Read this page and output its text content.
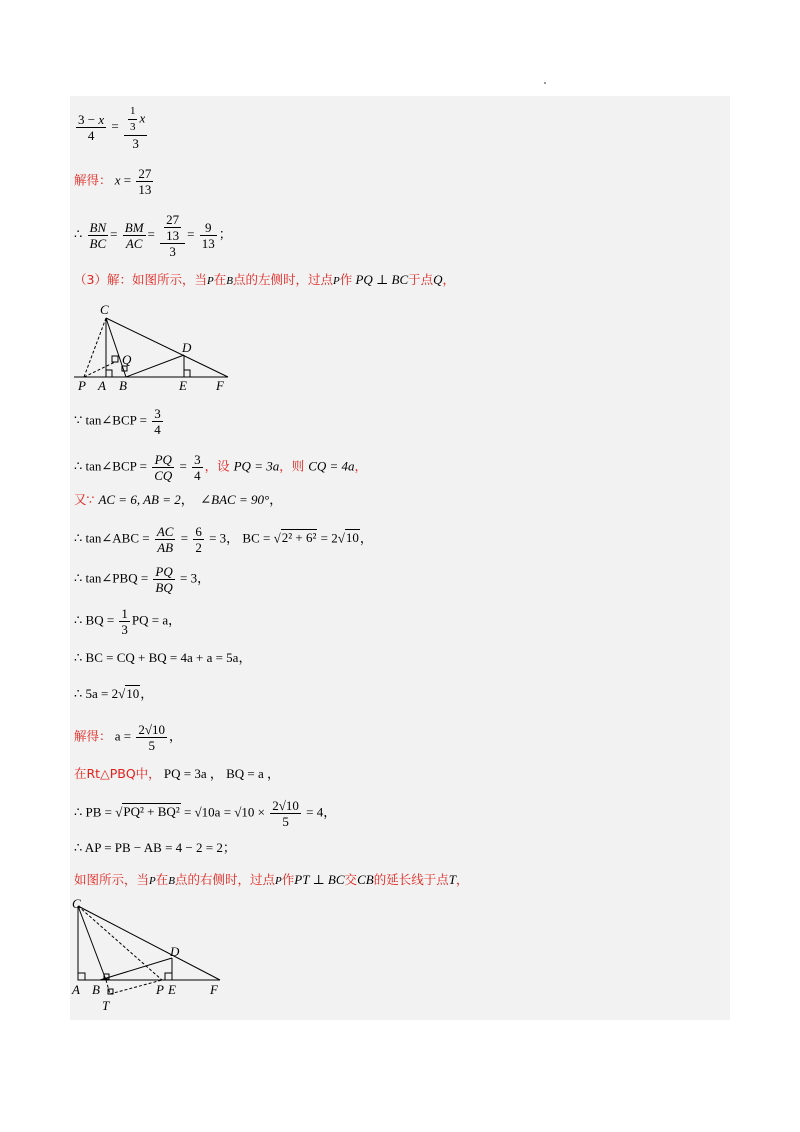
$\frac{3 - x}{4} = \frac{\frac{1}{3} x}{3}$
解得： $x = \frac{27}{13}$
∴ $\frac{BN}{BC} = \frac{BM}{AC} = \frac{\frac{27}{13}}{3} = \frac{9}{13}$ ；
（3）解：如图所示，当P在B点的左侧时，过点P作 PQ ⊥ BC于点Q，
C
D
Q
P A B	E F
∵ tan∠BCP = $\frac{3}{4}$
∴ tan∠BCP = $\frac{PQ}{CQ} = \frac{3}{4}$ ，设 PQ = 3a，则 CQ = 4a，
又∵ AC = 6, AB = 2， ∠BAC = 90°，
∴ tan∠ABC = $\frac{AC}{AB} = \frac{6}{2} = 3$， BC = √2² + 6² = 2√10，
∴ tan∠PBQ = $\frac{PQ}{BQ} = 3$，
∴ BQ = $\frac{1}{3}$ PQ = a，
∴ BC = CQ + BQ = 4a + a = 5a，
∴ 5a = 2√10，
解得： $a = \frac{2√10}{5}$ ，
在Rt△PBQ中， PQ = 3a ， BQ = a ，
∴ PB = $√PQ^2 + BQ^2 = √10a = √10 \times \frac{2√10}{5} = 4$，
∴ AP = PB − AB = 4 − 2 = 2；
如图所示，当P在B点的右侧时，过点P作PT ⊥ BC交CB的延长线于点T，
C
D
A B	P E	F
T
